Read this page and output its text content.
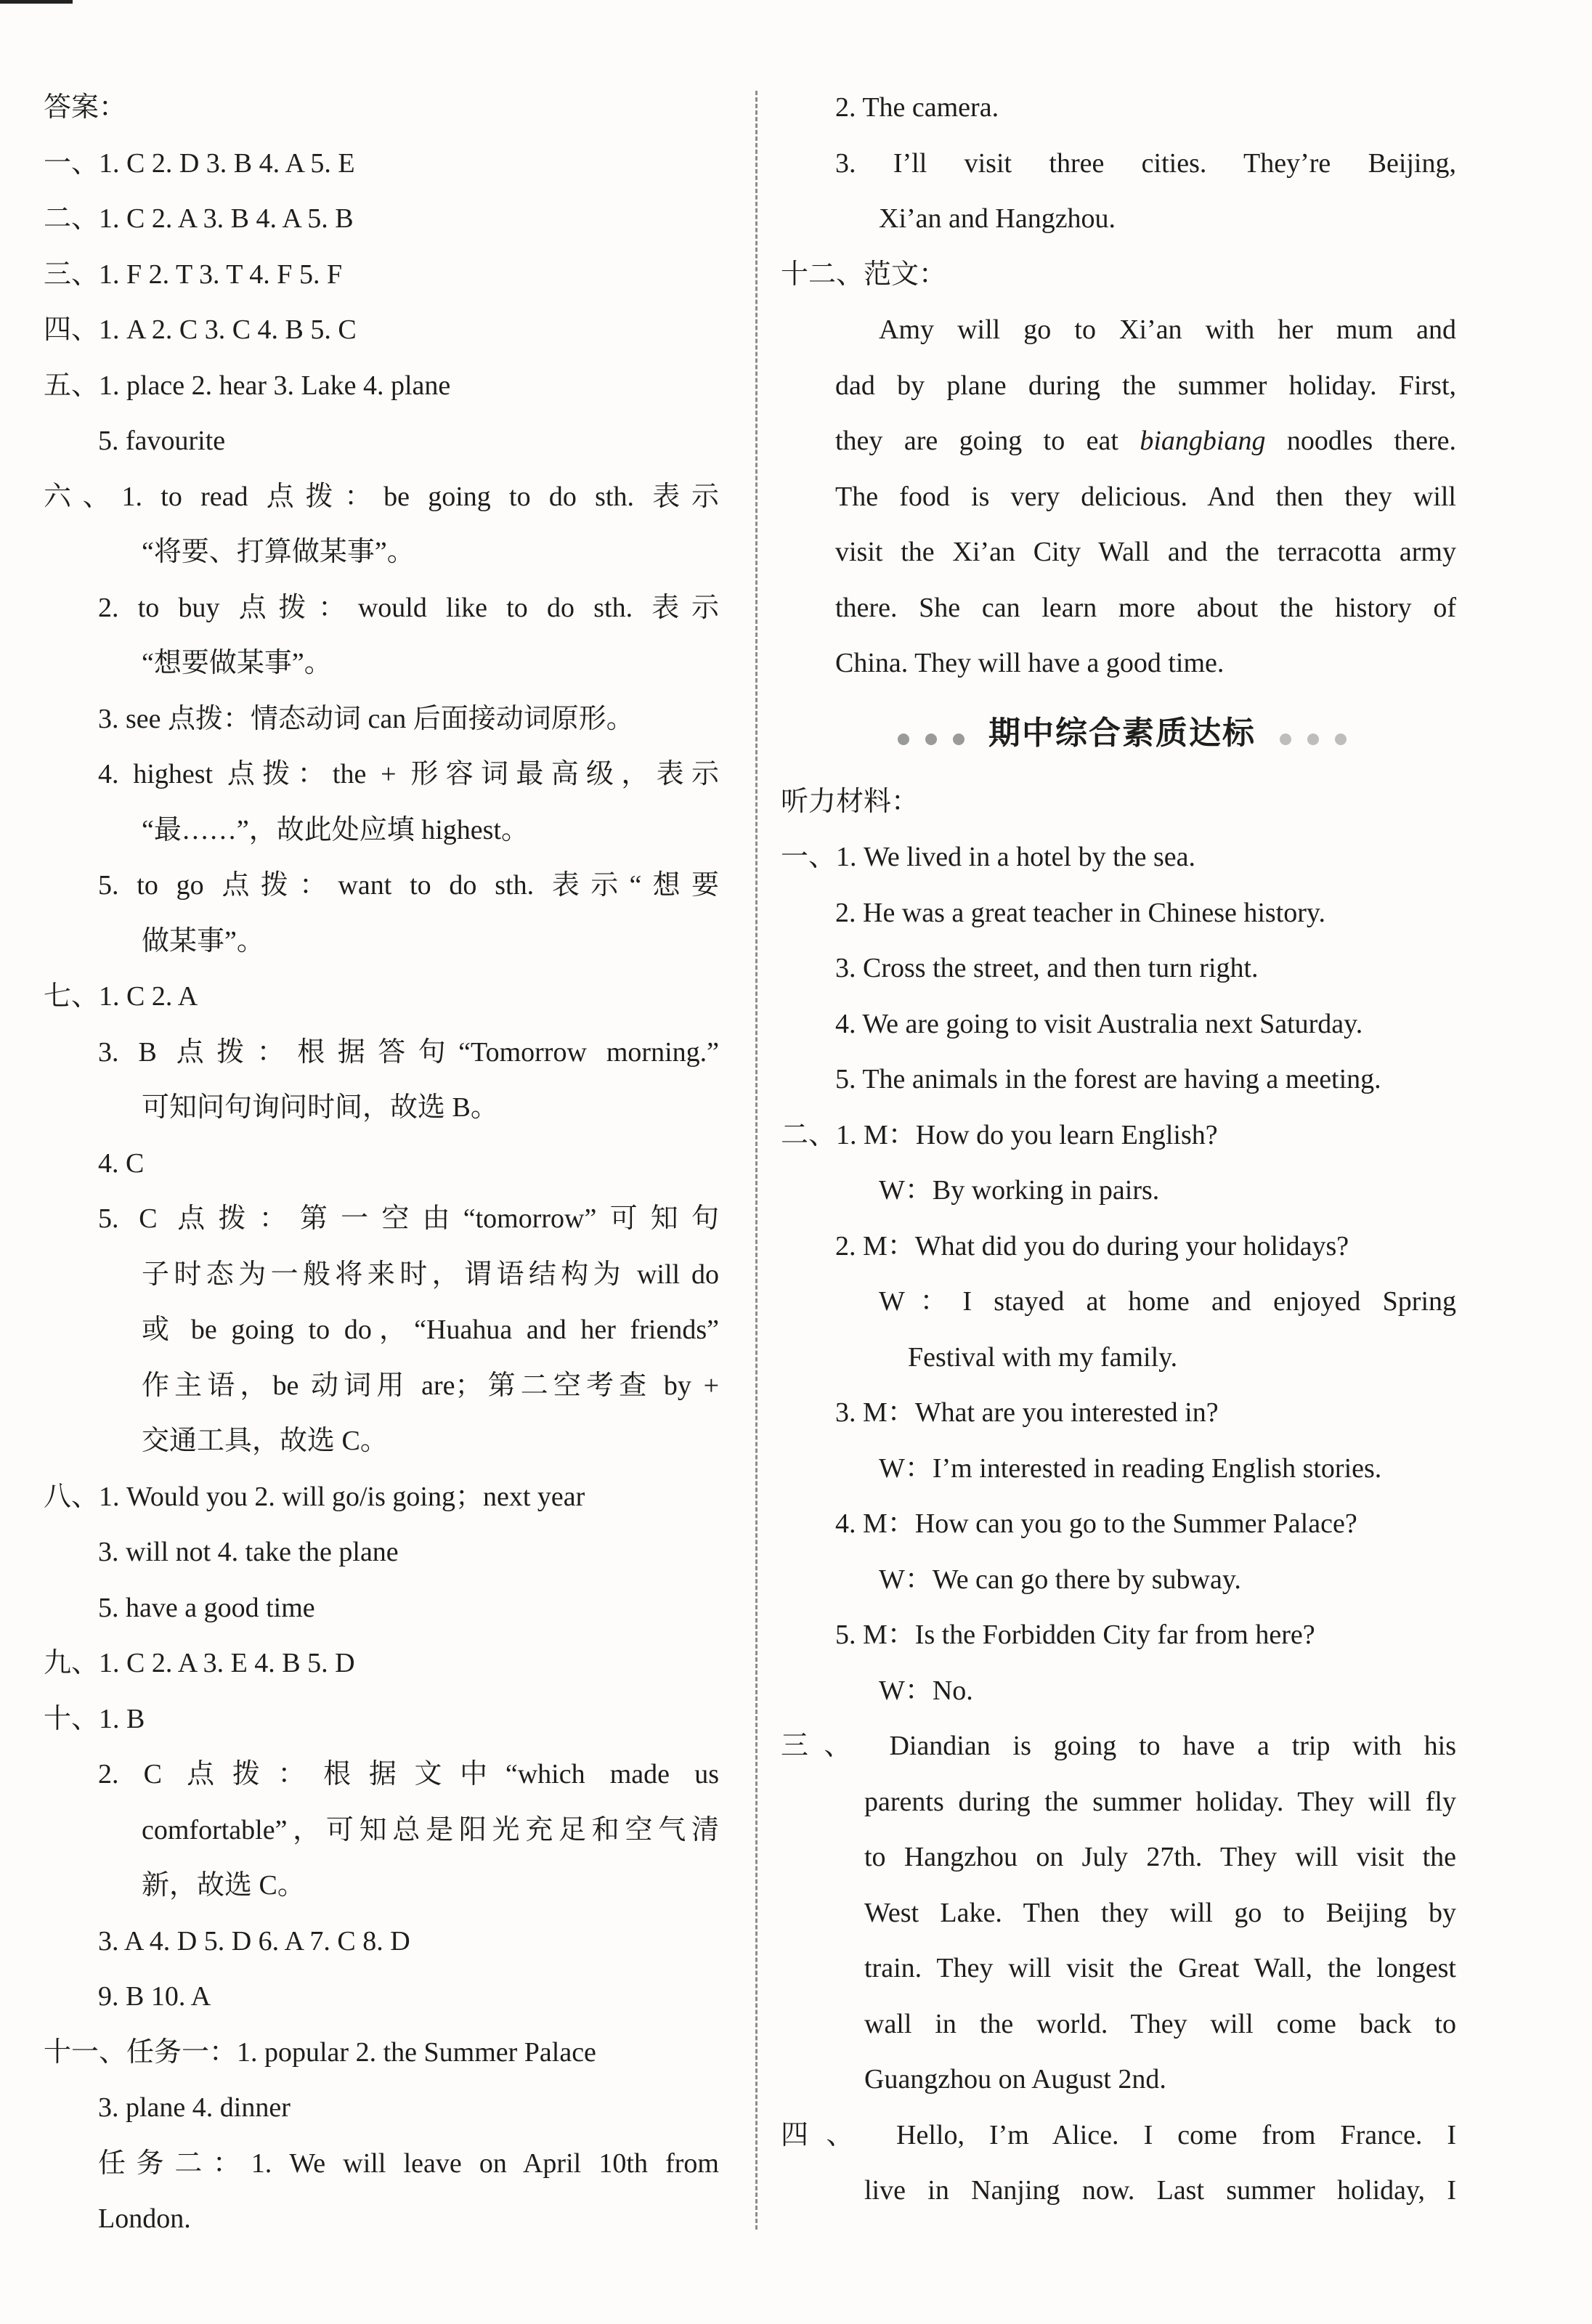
答案：
一、1. C 2. D 3. B 4. A 5. E
二、1. C 2. A 3. B 4. A 5. B
三、1. F 2. T 3. T 4. F 5. F
四、1. A 2. C 3. C 4. B 5. C
五、1. place 2. hear 3. Lake 4. plane
5. favourite
六、1. to read 点拨：be going to do sth. 表示
“将要、打算做某事”。
2. to buy 点拨：would like to do sth. 表示
“想要做某事”。
3. see 点拨：情态动词 can 后面接动词原形。
4. highest 点拨：the + 形容词最高级，表示
“最……”，故此处应填 highest。
5. to go 点拨：want to do sth. 表示“想要
做某事”。
七、1. C 2. A
3. B 点拨：根据答句“Tomorrow morning.”
可知问句询问时间，故选 B。
4. C
5. C 点拨：第一空由“tomorrow”可知句
子时态为一般将来时，谓语结构为 will do
或 be going to do，“Huahua and her friends”
作主语，be 动词用 are；第二空考查 by +
交通工具，故选 C。
八、1. Would you 2. will go/is going；next year
3. will not 4. take the plane
5. have a good time
九、1. C 2. A 3. E 4. B 5. D
十、1. B
2. C 点拨：根据文中“which made us
comfortable”，可知总是阳光充足和空气清
新，故选 C。
3. A 4. D 5. D 6. A 7. C 8. D
9. B 10. A
十一、任务一：1. popular 2. the Summer Palace
3. plane 4. dinner
任务二：1. We will leave on April 10th from
London.
2. The camera.
3. I’ll visit three cities. They’re Beijing,
Xi’an and Hangzhou.
十二、范文：
Amy will go to Xi’an with her mum and
dad by plane during the summer holiday. First,
they are going to eat biangbiang noodles there.
The food is very delicious. And then they will
visit the Xi’an City Wall and the terracotta army
there. She can learn more about the history of
China. They will have a good time.
期中综合素质达标
听力材料：
一、1. We lived in a hotel by the sea.
2. He was a great teacher in Chinese history.
3. Cross the street, and then turn right.
4. We are going to visit Australia next Saturday.
5. The animals in the forest are having a meeting.
二、1. M：How do you learn English?
W：By working in pairs.
2. M：What did you do during your holidays?
W：I stayed at home and enjoyed Spring
Festival with my family.
3. M：What are you interested in?
W：I’m interested in reading English stories.
4. M：How can you go to the Summer Palace?
W：We can go there by subway.
5. M：Is the Forbidden City far from here?
W：No.
三、 Diandian is going to have a trip with his
parents during the summer holiday. They will fly
to Hangzhou on July 27th. They will visit the
West Lake. Then they will go to Beijing by
train. They will visit the Great Wall, the longest
wall in the world. They will come back to
Guangzhou on August 2nd.
四、 Hello, I’m Alice. I come from France. I
live in Nanjing now. Last summer holiday, I
